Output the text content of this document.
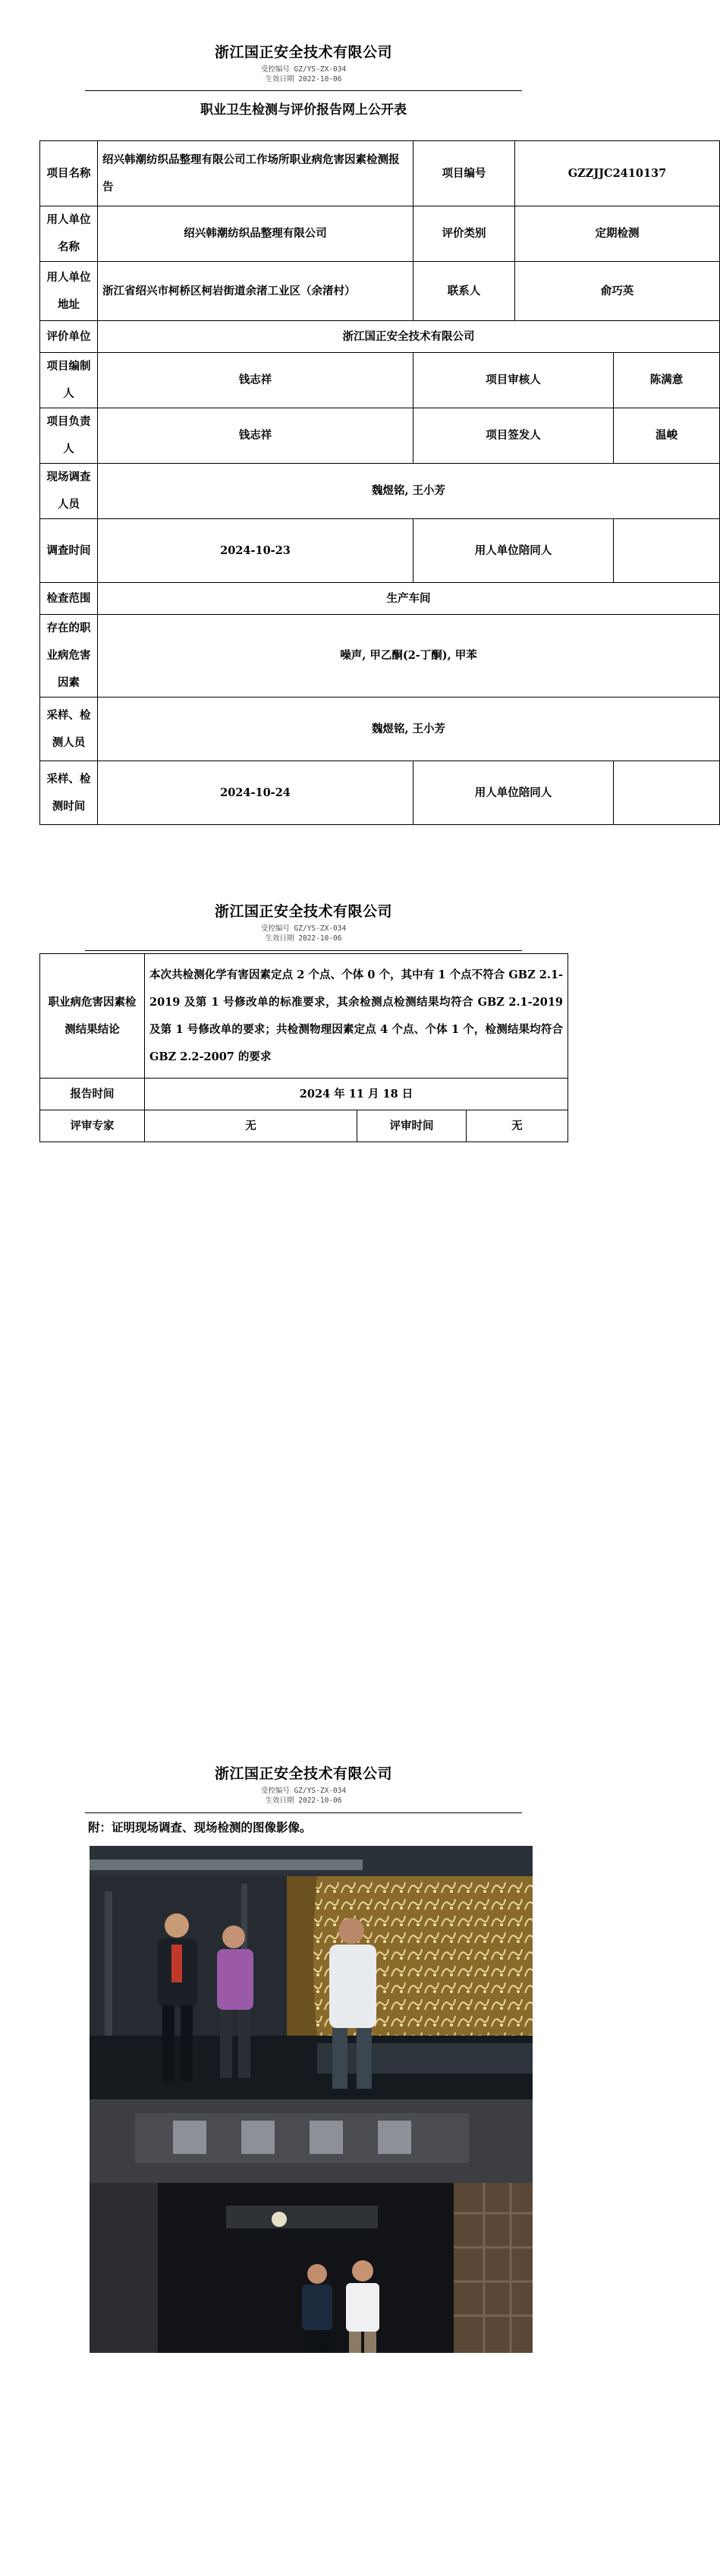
浙江国正安全技术有限公司
受控编号 GZ/YS-ZX-034
生效日期 2022-10-06
职业卫生检测与评价报告网上公开表
项目名称	绍兴韩潮纺织品整理有限公司工作场所职业病危害因素检测报告	项目编号	GZZJJC2410137	
用人单位名称	绍兴韩潮纺织品整理有限公司	评价类别	定期检测	
用人单位地址	浙江省绍兴市柯桥区柯岩街道余渚工业区（余渚村）	联系人	俞巧英	
评价单位	浙江国正安全技术有限公司			
项目编制人	钱志祥	项目审核人		陈满意
项目负责人	钱志祥	项目签发人		温峻
现场调查人员	魏煜铭, 王小芳			
调查时间	2024-10-23	用人单位陪同人		
检查范围	生产车间			
存在的职业病危害因素	噪声, 甲乙酮(2-丁酮), 甲苯			
采样、检测人员	魏煜铭, 王小芳			
采样、检测时间	2024-10-24	用人单位陪同人		
浙江国正安全技术有限公司
受控编号 GZ/YS-ZX-034
生效日期 2022-10-06
职业病危害因素检测结果结论	本次共检测化学有害因素定点 2 个点、个体 0 个，其中有 1 个点不符合 GBZ 2.1-2019 及第 1 号修改单的标准要求，其余检测点检测结果均符合 GBZ 2.1-2019 及第 1 号修改单的要求；共检测物理因素定点 4 个点、个体 1 个，检测结果均符合 GBZ 2.2-2007 的要求		
报告时间	2024 年 11 月 18 日		
评审专家	无	评审时间	无
浙江国正安全技术有限公司
受控编号 GZ/YS-ZX-034
生效日期 2022-10-06
附：证明现场调查、现场检测的图像影像。
